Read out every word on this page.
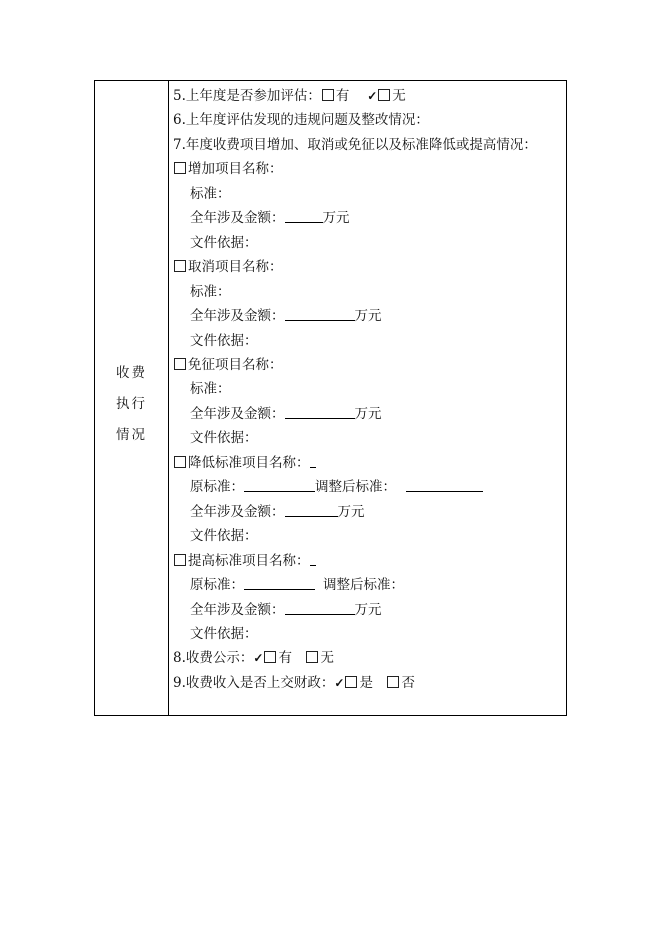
收费
执行
情况
5.上年度是否参加评估： 有  ✓ 无
6.上年度评估发现的违规问题及整改情况：
7.年度收费项目增加、取消或免征以及标准降低或提高情况：
增加项目名称：
标准：
全年涉及金额：	万元
文件依据：
取消项目名称：
标准：
全年涉及金额：	万元
文件依据：
免征项目名称：
标准：
全年涉及金额：	万元
文件依据：
降低标准项目名称：
原标准：	调整后标准：
全年涉及金额：	万元
文件依据：
提高标准项目名称：
原标准：	调整后标准：
全年涉及金额：	万元
文件依据：
8.收费公示：✓ 有  无
9.收费收入是否上交财政：✓ 是  否
